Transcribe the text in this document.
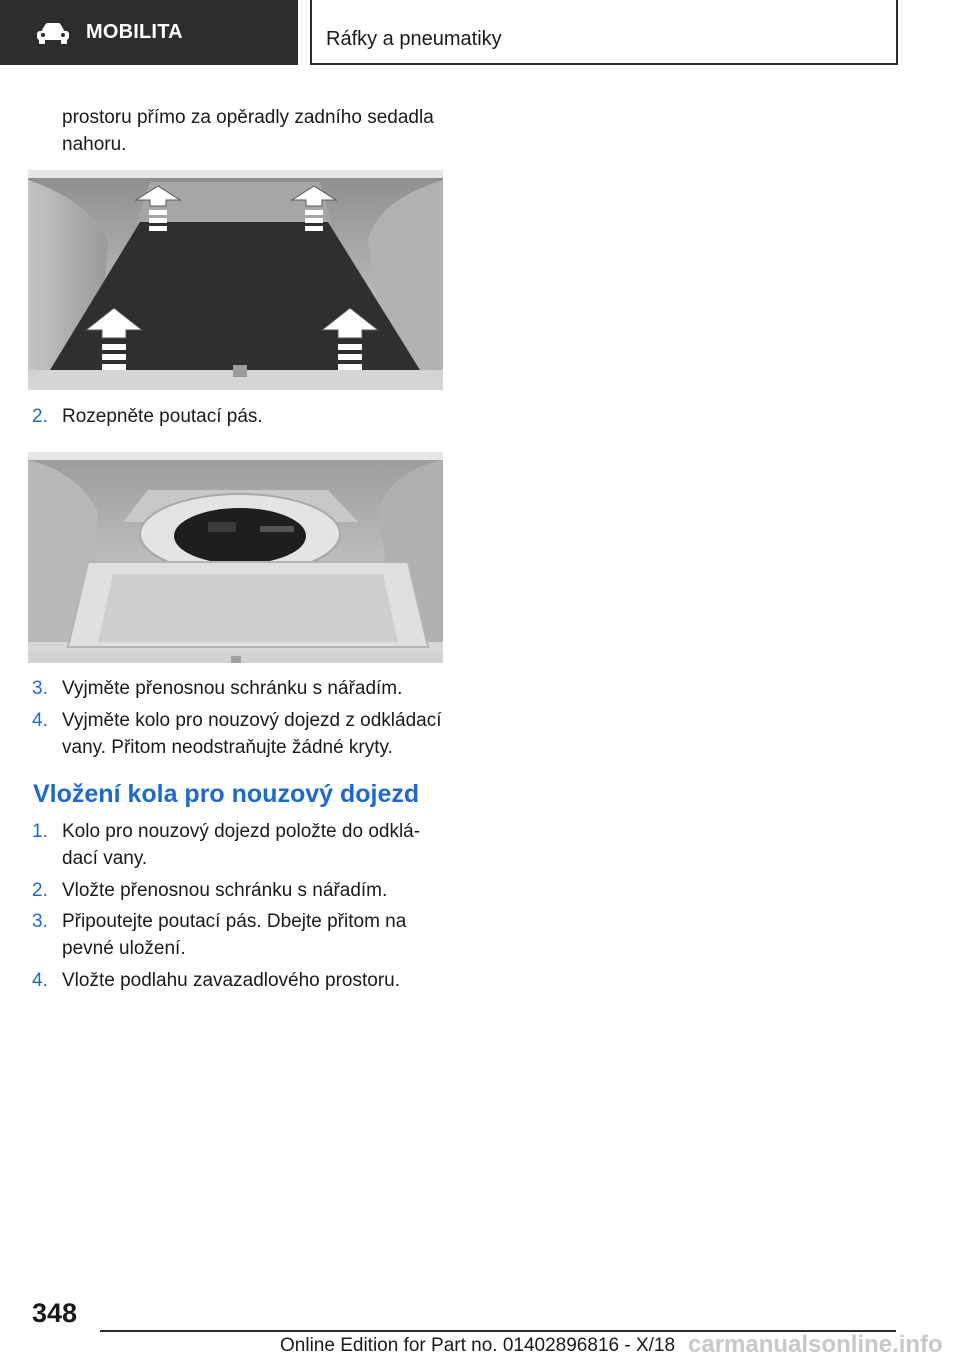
MOBILITA	Ráfky a pneumatiky
prostoru přímo za opěradly zadního sedadla
nahoru.
2. Rozepněte poutací pás.
3. Vyjměte přenosnou schránku s nářadím.
4. Vyjměte kolo pro nouzový dojezd z odkládací
vany. Přitom neodstraňujte žádné kryty.
Vložení kola pro nouzový dojezd
1. Kolo pro nouzový dojezd položte do odklá‐
dací vany.
2. Vložte přenosnou schránku s nářadím.
3. Připoutejte poutací pás. Dbejte přitom na
pevné uložení.
4. Vložte podlahu zavazadlového prostoru.
348
Online Edition for Part no. 01402896816 - X/18 carmanualsonline.info
